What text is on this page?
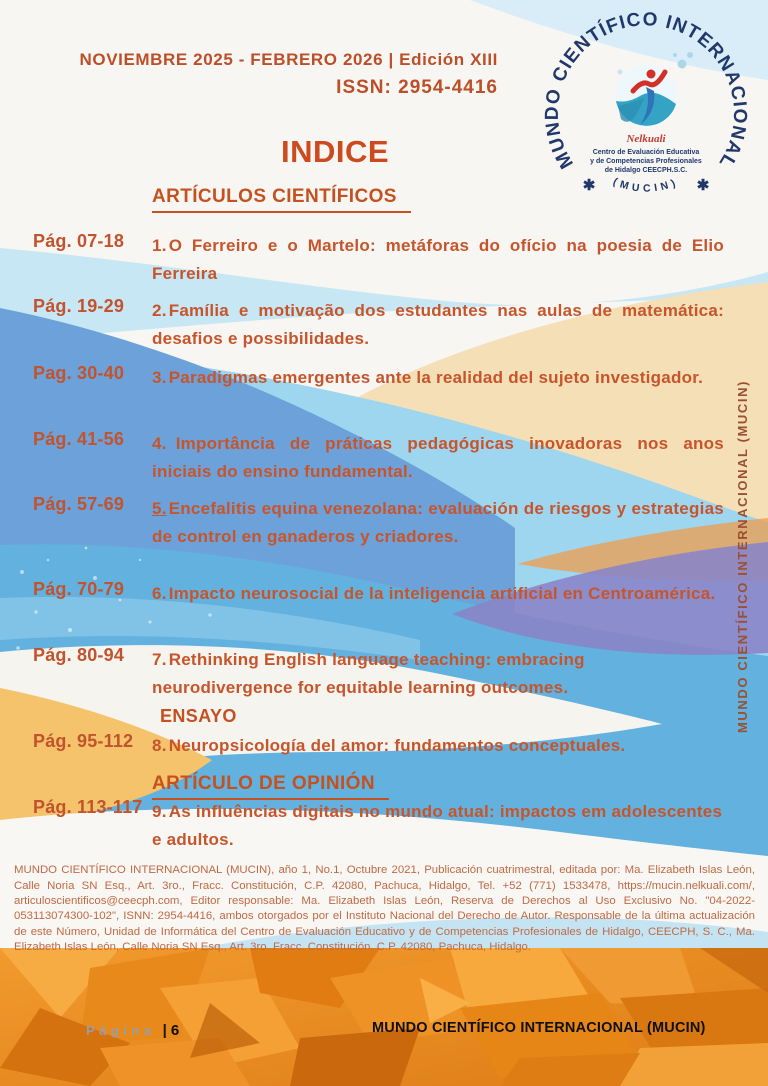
NOVIEMBRE 2025 - FEBRERO 2026 | Edición XIII
ISSN: 2954-4416
MUNDO CIENTÍFICO INTERNACIONAL
(MUCIN)
✱	✱
Nelkuali
Centro de Evaluación Educativa
y de Competencias Profesionales
de Hidalgo CEECPH.S.C.
INDICE
ARTÍCULOS CIENTÍFICOS
Pág. 07-18	1. O Ferreiro e o Martelo: metáforas do ofício na poesia de Elio Ferreira
Pág. 19-29	2. Família e motivação dos estudantes nas aulas de matemática: desafios e possibilidades.
Pag. 30-40	3. Paradigmas emergentes ante la realidad del sujeto investigador.
Pág. 41-56	4. Importância de práticas pedagógicas inovadoras nos anos iniciais do ensino fundamental.
Pág. 57-69	5. Encefalitis equina venezolana: evaluación de riesgos y estrategias de control en ganaderos y criadores.
Pág. 70-79	6. Impacto neurosocial de la inteligencia artificial en Centroamérica.
Pág. 80-94	7. Rethinking English language teaching: embracing neurodivergence for equitable learning outcomes.
ENSAYO
Pág. 95-112	8. Neuropsicología del amor: fundamentos conceptuales.
ARTÍCULO DE OPINIÓN
Pág. 113-117 9. As influências digitais no mundo atual: impactos em adolescentes e adultos.
MUNDO CIENTÍFICO INTERNACIONAL (MUCIN)

MUNDO CIENTÍFICO INTERNACIONAL (MUCIN), año 1, No.1, Octubre 2021, Publicación cuatrimestral, editada por: Ma. Elizabeth Islas León, Calle Noria SN Esq., Art. 3ro., Fracc. Constitución, C.P. 42080, Pachuca, Hidalgo, Tel. +52 (771) 1533478, https://mucin.nelkuali.com/, articuloscientificos@ceecph.com, Editor responsable: Ma. Elizabeth Islas León, Reserva de Derechos al Uso Exclusivo No. "04-2022-053113074300-102", ISNN: 2954-4416, ambos otorgados por el Instituto Nacional del Derecho de Autor. Responsable de la última actualización de este Número, Unidad de Informática del Centro de Evaluación Educativo y de Competencias Profesionales de Hidalgo, CEECPH, S. C., Ma. Elizabeth Islas León, Calle Noria SN Esq., Art. 3ro. Fracc. Constitución, C.P. 42080, Pachuca, Hidalgo.

Página | 6	MUNDO CIENTÍFICO INTERNACIONAL (MUCIN)
